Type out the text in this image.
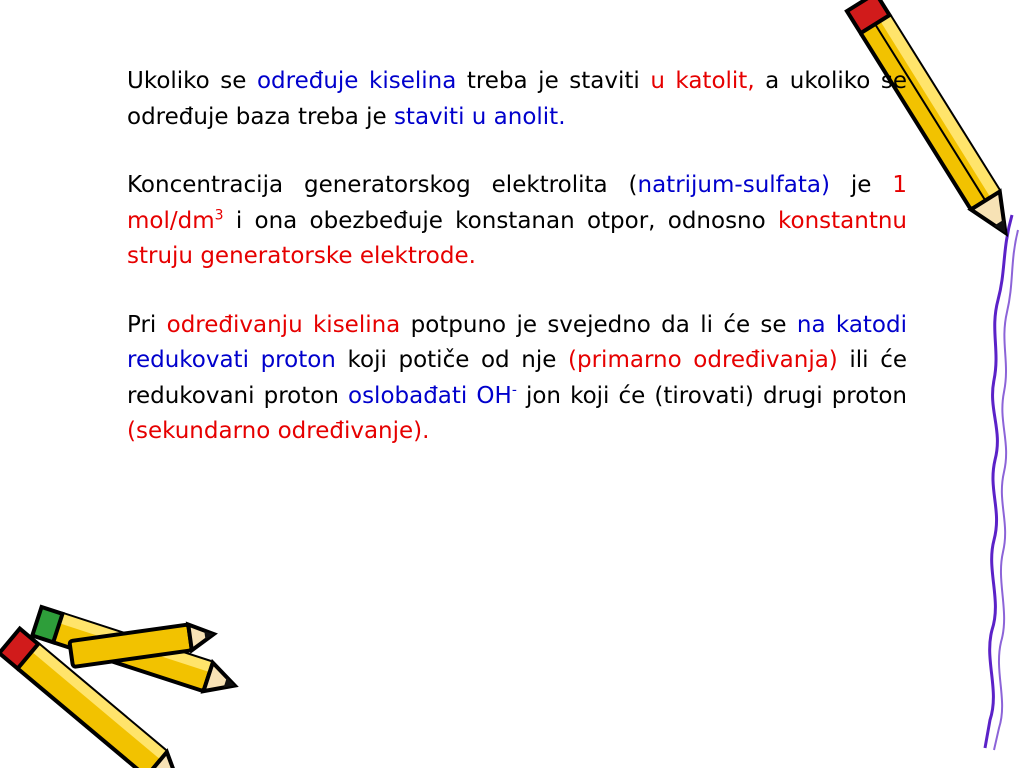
Ukoliko se određuje kiselina treba je staviti u katolit, a ukoliko se određuje baza treba je staviti u anolit.

Koncentracija generatorskog elektrolita (natrijum-sulfata) je 1 mol/$dm^3$ i ona obezbeđuje konstanan otpor, odnosno konstantnu struju generatorske elektrode.

Pri određivanju kiselina potpuno je svejedno da li će se na katodi redukovati proton koji potiče od nje (primarno određivanja) ili će redukovani proton oslobađati OH- jon koji će (tirovati) drugi proton (sekundarno određivanje).
